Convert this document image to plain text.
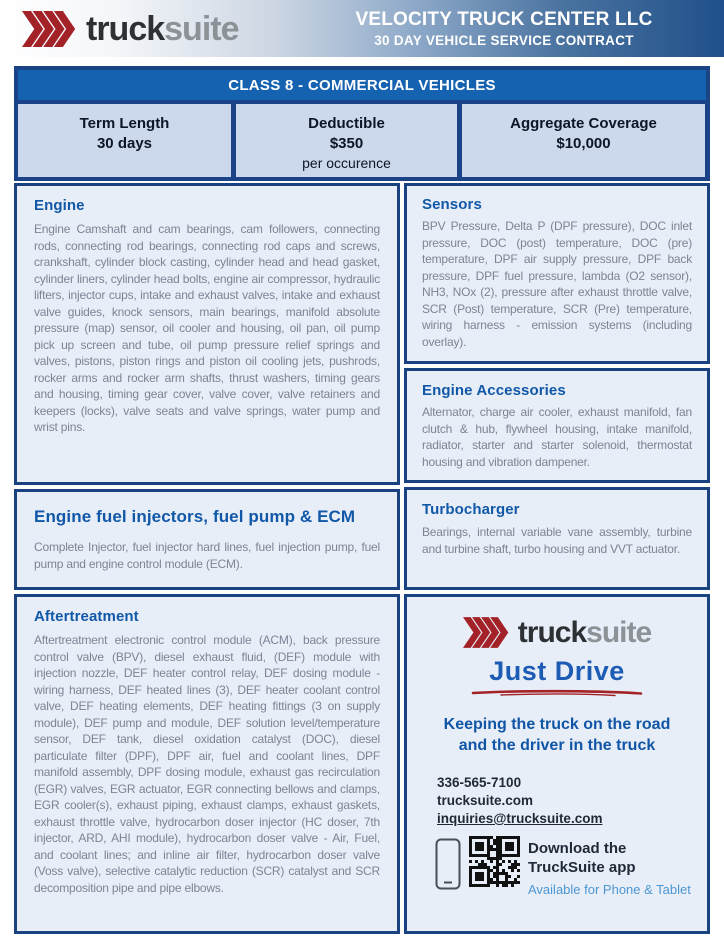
trucksuite	VELOCITY TRUCK CENTER LLC
30 DAY VEHICLE SERVICE CONTRACT
CLASS 8 - COMMERCIAL VEHICLES
Term Length
30 days
Deductible
$350
per occurence
Aggregate Coverage
$10,000
Engine

Engine Camshaft and cam bearings, cam followers, connecting rods, connecting rod bearings, connecting rod caps and screws, crankshaft, cylinder block casting, cylinder head and head gasket, cylinder liners, cylinder head bolts, engine air compressor, hydraulic lifters, injector cups, intake and exhaust valves, intake and exhaust valve guides, knock sensors, main bearings, manifold absolute pressure (map) sensor, oil cooler and housing, oil pan, oil pump pick up screen and tube, oil pump pressure relief springs and valves, pistons, piston rings and piston oil cooling jets, pushrods, rocker arms and rocker arm shafts, thrust washers, timing gears and housing, timing gear cover, valve cover, valve retainers and keepers (locks), valve seats and valve springs, water pump and wrist pins.

Engine fuel injectors, fuel pump & ECM

Complete Injector, fuel injector hard lines, fuel injection pump, fuel pump and engine control module (ECM).

Aftertreatment

Aftertreatment electronic control module (ACM), back pressure control valve (BPV), diesel exhaust fluid, (DEF) module with injection nozzle, DEF heater control relay, DEF dosing module - wiring harness, DEF heated lines (3), DEF heater coolant control valve, DEF heating elements, DEF heating fittings (3 on supply module), DEF pump and module, DEF solution level/temperature sensor, DEF tank, diesel oxidation catalyst (DOC), diesel particulate filter (DPF), DPF air, fuel and coolant lines, DPF manifold assembly, DPF dosing module, exhaust gas recirculation (EGR) valves, EGR actuator, EGR connecting bellows and clamps, EGR cooler(s), exhaust piping, exhaust clamps, exhaust gaskets, exhaust throttle valve, hydrocarbon doser injector (HC doser, 7th injector, ARD, AHI module), hydrocarbon doser valve - Air, Fuel, and coolant lines; and inline air filter, hydrocarbon doser valve (Voss valve), selective catalytic reduction (SCR) catalyst and SCR decomposition pipe and pipe elbows.

Sensors

BPV Pressure, Delta P (DPF pressure), DOC inlet pressure, DOC (post) temperature, DOC (pre) temperature, DPF air supply pressure, DPF back pressure, DPF fuel pressure, lambda (O2 sensor), NH3, NOx (2), pressure after exhaust throttle valve, SCR (Post) temperature, SCR (Pre) temperature, wiring harness - emission systems (including overlay).

Engine Accessories

Alternator, charge air cooler, exhaust manifold, fan clutch & hub, flywheel housing, intake manifold, radiator, starter and starter solenoid, thermostat housing and vibration dampener.

Turbocharger

Bearings, internal variable vane assembly, turbine and turbine shaft, turbo housing and VVT actuator.

trucksuite
Just Drive
Keeping the truck on the road
and the driver in the truck
336-565-7100
trucksuite.com
inquiries@trucksuite.com
Download the
TruckSuite app
Available for Phone & Tablet
